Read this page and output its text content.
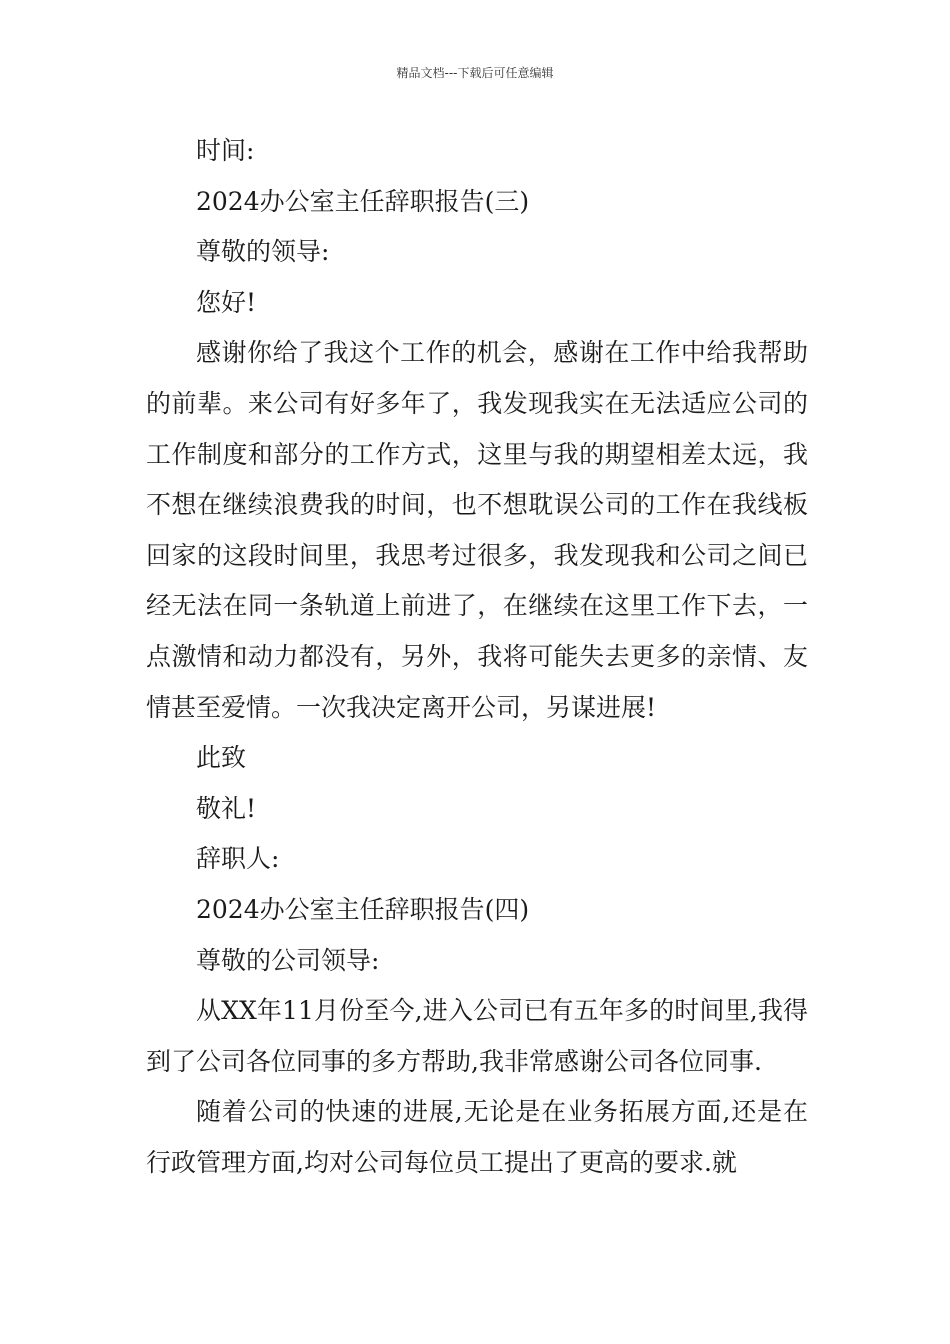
精品文档---下载后可任意编辑

时间:

2024办公室主任辞职报告(三)

尊敬的领导:

您好!

感谢你给了我这个工作的机会，感谢在工作中给我帮助的前辈。来公司有好多年了，我发现我实在无法适应公司的工作制度和部分的工作方式，这里与我的期望相差太远，我不想在继续浪费我的时间，也不想耽误公司的工作在我线板回家的这段时间里，我思考过很多，我发现我和公司之间已经无法在同一条轨道上前进了，在继续在这里工作下去，一点激情和动力都没有，另外，我将可能失去更多的亲情、友情甚至爱情。一次我决定离开公司，另谋进展!

此致

敬礼!

辞职人:

2024办公室主任辞职报告(四)

尊敬的公司领导:

从XX年11月份至今,进入公司已有五年多的时间里,我得到了公司各位同事的多方帮助,我非常感谢公司各位同事.

随着公司的快速的进展,无论是在业务拓展方面,还是在行政管理方面,均对公司每位员工提出了更高的要求.就
